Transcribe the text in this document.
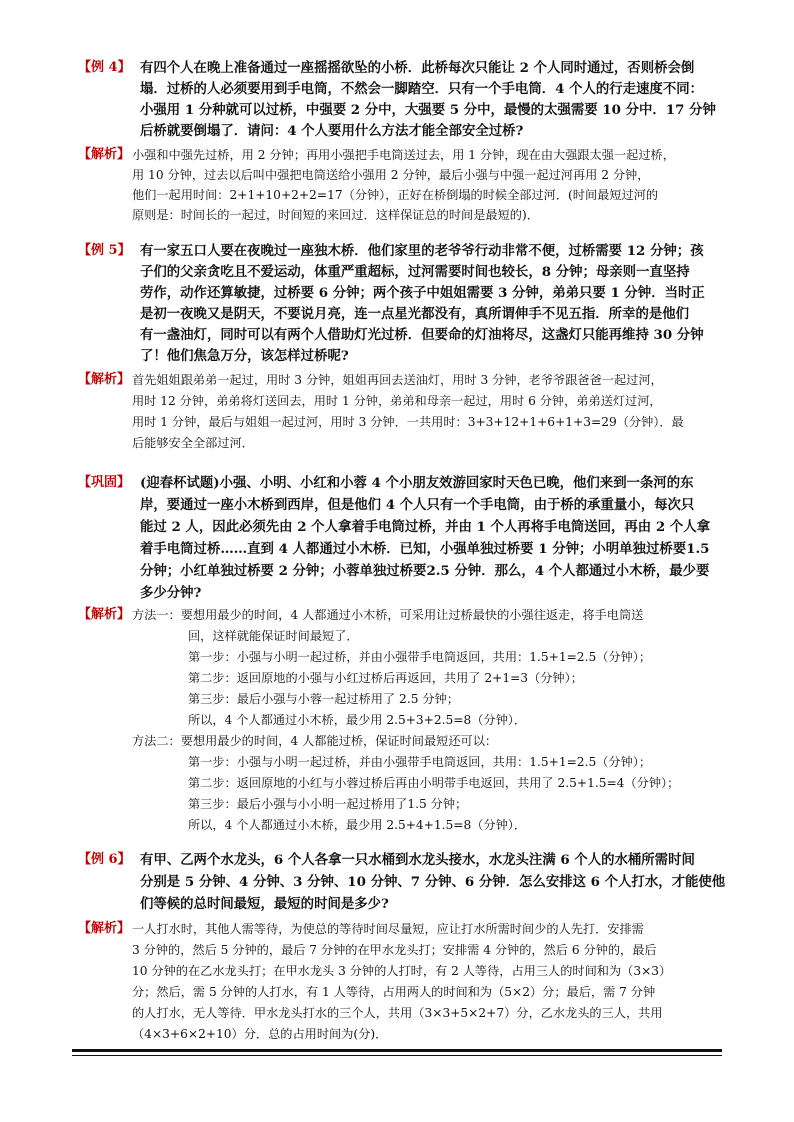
【例 4】 有四个人在晚上准备通过一座摇摇欲坠的小桥．此桥每次只能让 2 个人同时通过，否则桥会倒
塌．过桥的人必须要用到手电筒，不然会一脚踏空．只有一个手电筒．4 个人的行走速度不同：
小强用 1 分种就可以过桥，中强要 2 分中，大强要 5 分中，最慢的太强需要 10 分中．17 分钟
后桥就要倒塌了．请问：4 个人要用什么方法才能全部安全过桥?
【解析】 小强和中强先过桥，用 2 分钟；再用小强把手电筒送过去，用 1 分钟，现在由大强跟太强一起过桥，
用 10 分钟，过去以后叫中强把电筒送给小强用 2 分钟，最后小强与中强一起过河再用 2 分钟，
他们一起用时间：2+1+10+2+2=17（分钟），正好在桥倒塌的时候全部过河．(时间最短过河的
原则是：时间长的一起过，时间短的来回过．这样保证总的时间是最短的)．
【例 5】 有一家五口人要在夜晚过一座独木桥．他们家里的老爷爷行动非常不便，过桥需要 12 分钟；孩
子们的父亲贪吃且不爱运动，体重严重超标，过河需要时间也较长，8 分钟；母亲则一直坚持
劳作，动作还算敏捷，过桥要 6 分钟；两个孩子中姐姐需要 3 分钟，弟弟只要 1 分钟．当时正
是初一夜晚又是阴天，不要说月亮，连一点星光都没有，真所谓伸手不见五指．所幸的是他们
有一盏油灯，同时可以有两个人借助灯光过桥．但要命的灯油将尽，这盏灯只能再维持 30 分钟
了！他们焦急万分，该怎样过桥呢?
【解析】 首先姐姐跟弟弟一起过，用时 3 分钟，姐姐再回去送油灯，用时 3 分钟，老爷爷跟爸爸一起过河，
用时 12 分钟，弟弟将灯送回去，用时 1 分钟，弟弟和母亲一起过，用时 6 分钟，弟弟送灯过河，
用时 1 分钟，最后与姐姐一起过河，用时 3 分钟．一共用时：3+3+12+1+6+1+3=29（分钟）．最
后能够安全全部过河．
【巩固】 (迎春杯试题)小强、小明、小红和小蓉 4 个小朋友效游回家时天色已晚，他们来到一条河的东
岸，要通过一座小木桥到西岸，但是他们 4 个人只有一个手电筒，由于桥的承重量小，每次只
能过 2 人，因此必须先由 2 个人拿着手电筒过桥，并由 1 个人再将手电筒送回，再由 2 个人拿
着手电筒过桥……直到 4 人都通过小木桥．已知，小强单独过桥要 1 分钟；小明单独过桥要1.5
分钟；小红单独过桥要 2 分钟；小蓉单独过桥要2.5 分钟．那么，4 个人都通过小木桥，最少要
多少分钟?
【解析】 方法一：要想用最少的时间，4 人都通过小木桥，可采用让过桥最快的小强往返走，将手电筒送
回，这样就能保证时间最短了．
第一步：小强与小明一起过桥，并由小强带手电筒返回，共用：1.5+1=2.5（分钟）；
第二步：返回原地的小强与小红过桥后再返回，共用了 2+1=3（分钟）；
第三步：最后小强与小蓉一起过桥用了 2.5 分钟；
所以，4 个人都通过小木桥，最少用 2.5+3+2.5=8（分钟）．
方法二：要想用最少的时间，4 人都能过桥，保证时间最短还可以：
第一步：小强与小明一起过桥，并由小强带手电筒返回，共用：1.5+1=2.5（分钟）；
第二步：返回原地的小红与小蓉过桥后再由小明带手电返回，共用了 2.5+1.5=4（分钟）；
第三步：最后小强与小小明一起过桥用了1.5 分钟；
所以，4 个人都通过小木桥，最少用 2.5+4+1.5=8（分钟）．
【例 6】 有甲、乙两个水龙头，6 个人各拿一只水桶到水龙头接水，水龙头注满 6 个人的水桶所需时间
分别是 5 分钟、4 分钟、3 分钟、10 分钟、7 分钟、6 分钟．怎么安排这 6 个人打水，才能使他
们等候的总时间最短，最短的时间是多少?
【解析】 一人打水时，其他人需等待，为使总的等待时间尽量短，应让打水所需时间少的人先打．安排需
3 分钟的，然后 5 分钟的，最后 7 分钟的在甲水龙头打；安排需 4 分钟的，然后 6 分钟的，最后
10 分钟的在乙水龙头打；在甲水龙头 3 分钟的人打时，有 2 人等待，占用三人的时间和为（3×3）
分；然后，需 5 分钟的人打水，有 1 人等待，占用两人的时间和为（5×2）分；最后，需 7 分钟
的人打水，无人等待．甲水龙头打水的三个人，共用（3×3+5×2+7）分，乙水龙头的三人，共用
（4×3+6×2+10）分．总的占用时间为(分)．
